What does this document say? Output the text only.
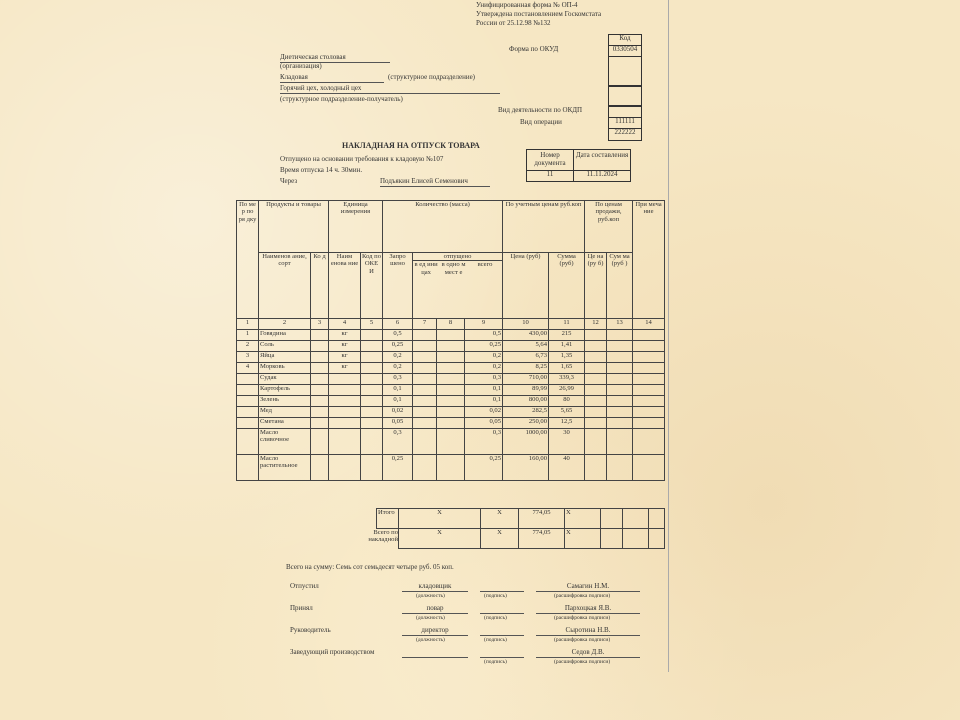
Унифицированная форма № ОП-4
Утверждена постановлением Госкомстата
России от 25.12.98 №132
Код
Форма по ОКУД	0330504
Диетическая столовая
(организация)
Кладовая	(структурное подразделение)
Горячий цех, холодный цех
(структурное подразделение-получатель)
Вид деятельности по ОКДП
Вид операции	111111
222222
НАКЛАДНАЯ НА ОТПУСК ТОВАРА
Отпущено на основании требования к кладовую №107
Время отпуска 14 ч. 30мин.
Через	Подъякин Елисей Семенович
Номер документа
Дата составления
11	11.11.2024
По ме р по ря дку	Продукты и товары		Единица измерения		Количество (масса)				По учетным ценам руб.коп		По ценам продажи, руб.коп		При меча ние
	Наименов ание, сорт	Ко д	Наим енова ние	Код по ОКЕ И	Запро шено	отпущено
в ед ини цах
в одно м мест е
всего			Цена (руб)	Сумма (руб)	Це на (ру б)	Сум ма (руб )	
1	2	3	4	5	6	7	8	9	10	11	12	13	14
1	Говядина		кг		0,5			0,5	430,00	215			
2	Соль		кг		0,25			0,25	5,64	1,41			
3	Яйца		кг		0,2			0,2	6,73	1,35			
4	Морковь		кг		0,2			0,2	8,25	1,65			
	Судак				0,3			0,3	710,00	339,3			
	Картофель				0,1			0,1	89,99	26,99			
	Зелень				0,1			0,1	800,00	80			
	Мед				0,02			0,02	282,5	5,65			
	Сметана				0,05			0,05	250,00	12,5			
	Масло сливочное				0,3			0,3	1000,00	30			
	Масло растительное				0,25			0,25	160,00	40			
Итого	X	X	774,05	X			

Всего по накладной	X	X	774,05	X			
Всего на сумму: Семь сот семьдесят четыре руб. 05 коп.
Отпустил	кладовщик
	Самагин Н.М.
(должность)	(подпись)	(расшифровка подписи)
Принял	повар
	Пархоцкая Я.В.
(должность)	(подпись)	(расшифровка подписи)
Руководитель	директор
	Сыротина Н.В.
(должность)	(подпись)	(расшифровка подписи)
Заведующий производством

	Седов Д.В.
(подпись)	(расшифровка подписи)
